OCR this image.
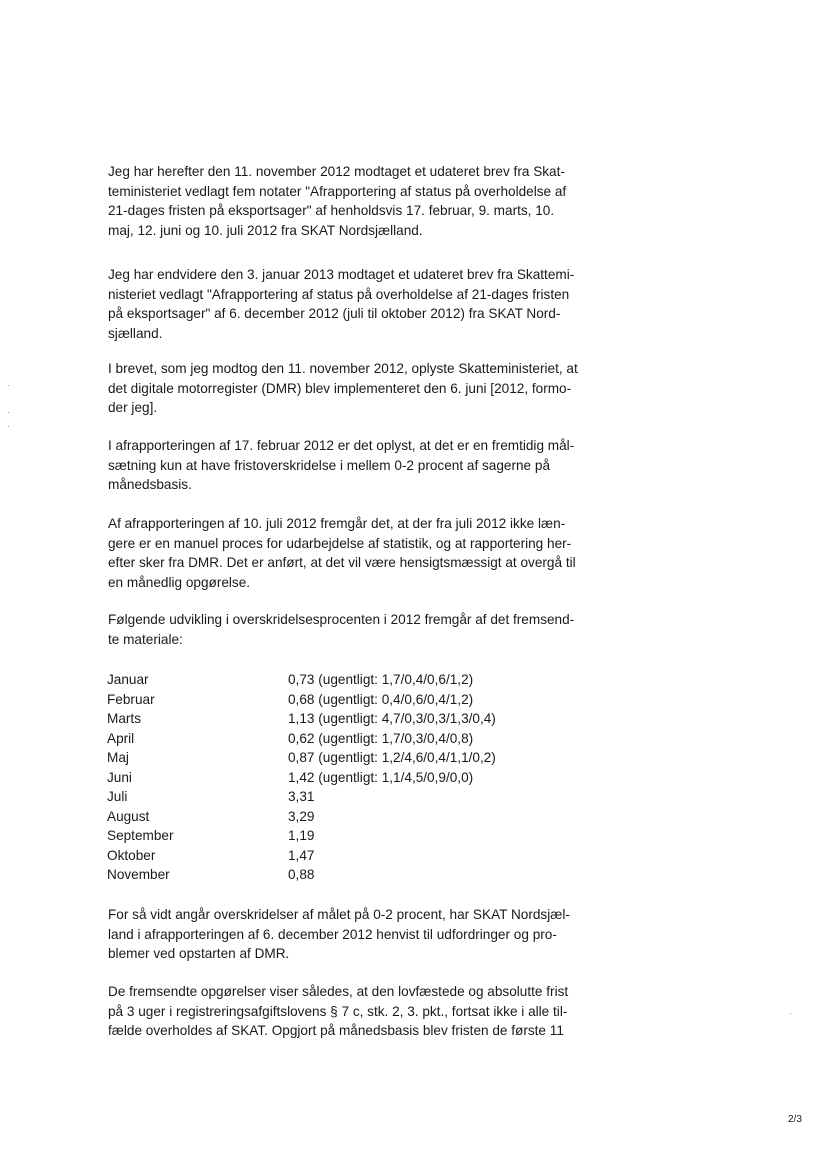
Jeg har herefter den 11. november 2012 modtaget et udateret brev fra Skat-
teministeriet vedlagt fem notater "Afrapportering af status på overholdelse af
21-dages fristen på eksportsager" af henholdsvis 17. februar, 9. marts, 10.
maj, 12. juni og 10. juli 2012 fra SKAT Nordsjælland.
Jeg har endvidere den 3. januar 2013 modtaget et udateret brev fra Skattemi-
nisteriet vedlagt "Afrapportering af status på overholdelse af 21-dages fristen
på eksportsager" af 6. december 2012 (juli til oktober 2012) fra SKAT Nord-
sjælland.
I brevet, som jeg modtog den 11. november 2012, oplyste Skatteministeriet, at
det digitale motorregister (DMR) blev implementeret den 6. juni [2012, formo-
der jeg].
I afrapporteringen af 17. februar 2012 er det oplyst, at det er en fremtidig mål-
sætning kun at have fristoverskridelse i mellem 0-2 procent af sagerne på
månedsbasis.
Af afrapporteringen af 10. juli 2012 fremgår det, at der fra juli 2012 ikke læn-
gere er en manuel proces for udarbejdelse af statistik, og at rapportering her-
efter sker fra DMR. Det er anført, at det vil være hensigtsmæssigt at overgå til
en månedlig opgørelse.
Følgende udvikling i overskridelsesprocenten i 2012 fremgår af det fremsend-
te materiale:
Januar	0,73 (ugentligt: 1,7/0,4/0,6/1,2)
Februar	0,68 (ugentligt: 0,4/0,6/0,4/1,2)
Marts	1,13 (ugentligt: 4,7/0,3/0,3/1,3/0,4)
April	0,62 (ugentligt: 1,7/0,3/0,4/0,8)
Maj	0,87 (ugentligt: 1,2/4,6/0,4/1,1/0,2)
Juni	1,42 (ugentligt: 1,1/4,5/0,9/0,0)
Juli	3,31
August	3,29
September	1,19
Oktober	1,47
November	0,88
For så vidt angår overskridelser af målet på 0-2 procent, har SKAT Nordsjæl-
land i afrapporteringen af 6. december 2012 henvist til udfordringer og pro-
blemer ved opstarten af DMR.
De fremsendte opgørelser viser således, at den lovfæstede og absolutte frist
på 3 uger i registreringsafgiftslovens § 7 c, stk. 2, 3. pkt., fortsat ikke i alle til-
fælde overholdes af SKAT. Opgjort på månedsbasis blev fristen de første 11
2/3
